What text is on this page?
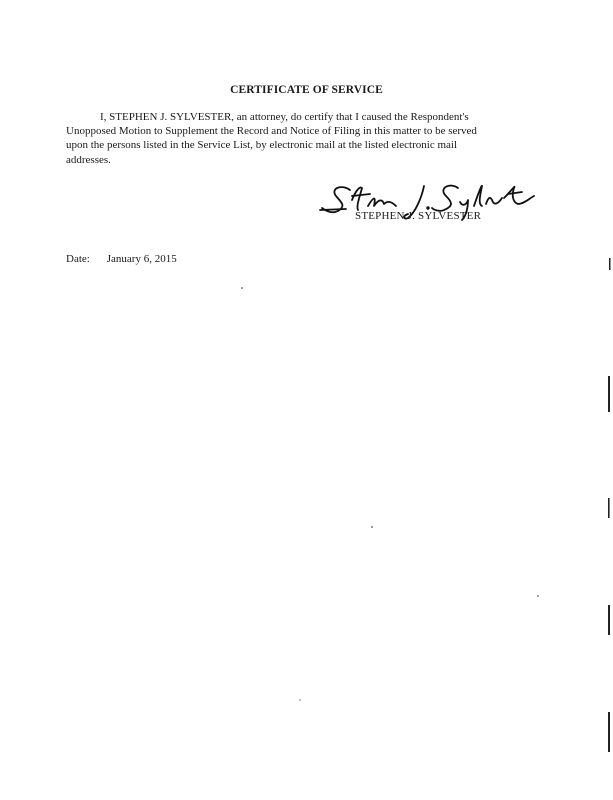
CERTIFICATE OF SERVICE
I, STEPHEN J. SYLVESTER, an attorney, do certify that I caused the Respondent's
Unopposed Motion to Supplement the Record and Notice of Filing in this matter to be served
upon the persons listed in the Service List, by electronic mail at the listed electronic mail
addresses.
STEPHEN J. SYLVESTER
Date: January 6, 2015
